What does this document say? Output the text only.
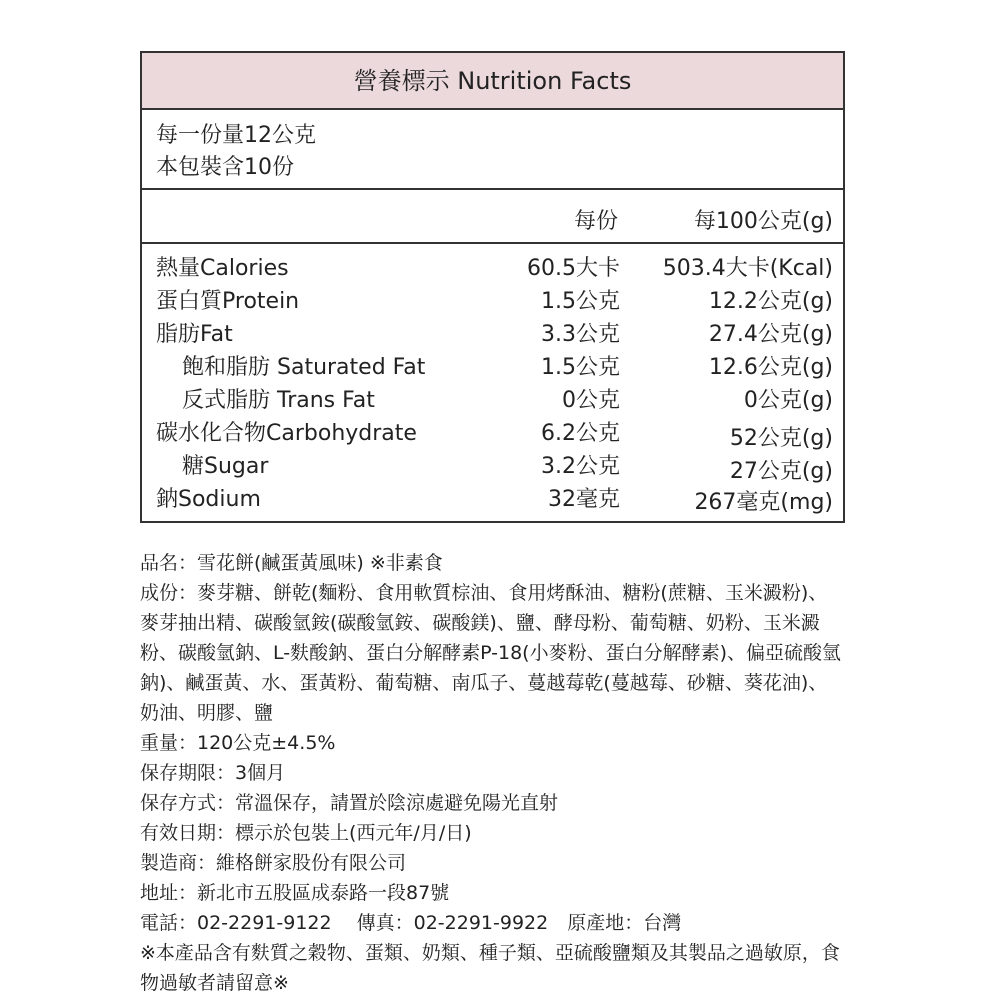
營養標示 Nutrition Facts
每一份量12公克
本包裝含10份
每份	每100公克(g)
熱量Calories	60.5大卡 503.4大卡(Kcal)
蛋白質Protein	1.5公克	12.2公克(g)
脂肪Fat	3.3公克	27.4公克(g)
飽和脂肪 Saturated Fat	1.5公克	12.6公克(g)
反式脂肪 Trans Fat	0公克	0公克(g)
碳水化合物Carbohydrate	6.2公克	52公克(g)
糖Sugar	3.2公克	27公克(g)
鈉Sodium	32毫克	267毫克(mg)

品名：雪花餅(鹹蛋黃風味) ※非素食

成份：麥芽糖、餅乾(麵粉、食用軟質棕油、食用烤酥油、糖粉(蔗糖、玉米澱粉)、麥芽抽出精、碳酸氫銨(碳酸氫銨、碳酸鎂)、鹽、酵母粉、葡萄糖、奶粉、玉米澱粉、碳酸氫鈉、L-麩酸鈉、蛋白分解酵素P-18(小麥粉、蛋白分解酵素)、偏亞硫酸氫鈉)、鹹蛋黃、水、蛋黃粉、葡萄糖、南瓜子、蔓越莓乾(蔓越莓、砂糖、葵花油)、奶油、明膠、鹽

重量：120公克±4.5%

保存期限：3個月

保存方式：常溫保存，請置於陰涼處避免陽光直射

有效日期：標示於包裝上(西元年/月/日)

製造商：維格餅家股份有限公司

地址：新北市五股區成泰路一段87號

電話：02-2291-9122　 傳真：02-2291-9922　原產地：台灣

※本產品含有麩質之穀物、蛋類、奶類、種子類、亞硫酸鹽類及其製品之過敏原，食物過敏者請留意※
